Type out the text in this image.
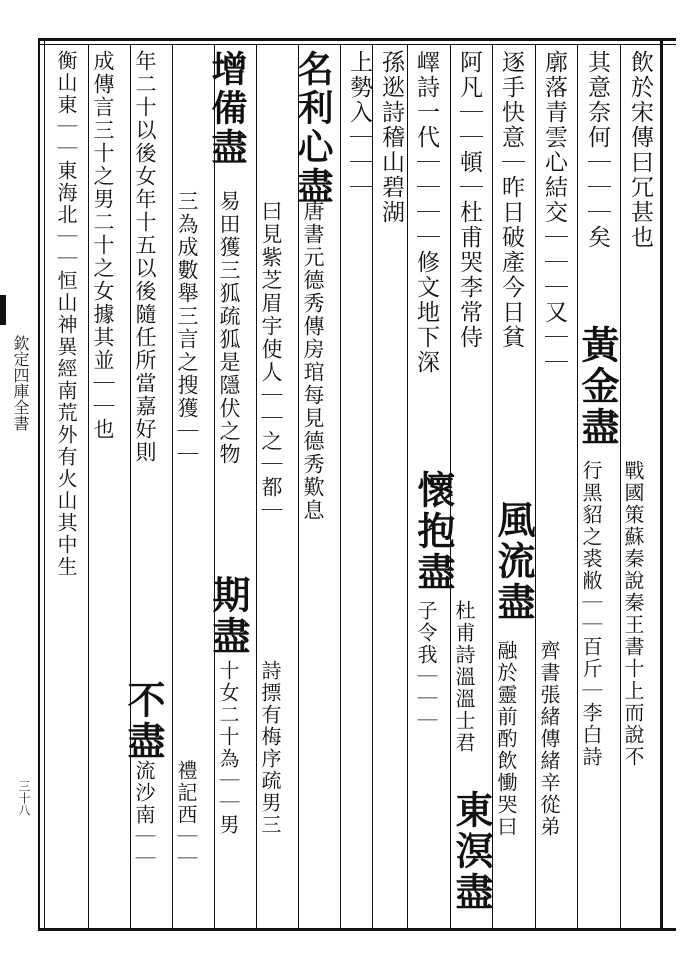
欽定四庫全書
三十八
飲於宋傳曰冗甚也
其意奈何｜｜｜矣
黃金盡
戰國策蘇秦說秦王書十上而說不
行黑貂之裘敝｜｜百斤｜李白詩
廓落青雲心結交｜｜｜又｜｜
逐手快意｜昨日破產今日貧
風流盡
齊書張緒傳緒辛從弟
融於靈前酌飲慟哭曰
阿凡｜｜頓｜杜甫哭李常侍
嶧詩一代｜｜｜｜修文地下深
懷抱盡
杜甫詩溫溫士君
子令我｜｜｜
東溟盡
孫逖詩稽山碧湖
上勢入｜｜｜
名利心盡
唐書元德秀傳房琯每見德秀歎息
曰見紫芝眉宇使人｜｜之｜都｜
增備盡
易田獲三狐疏狐是隱伏之物
三為成數舉三言之搜獲｜｜
期盡
詩摽有梅序疏男三
十女二十為｜｜男
年二十以後女年十五以後隨任所當嘉好則
成傳言三十之男二十之女據其並｜｜也
不盡
禮記西｜｜
流沙南｜｜
衡山東｜｜東海北｜｜恒山神異經南荒外有火山其中生
